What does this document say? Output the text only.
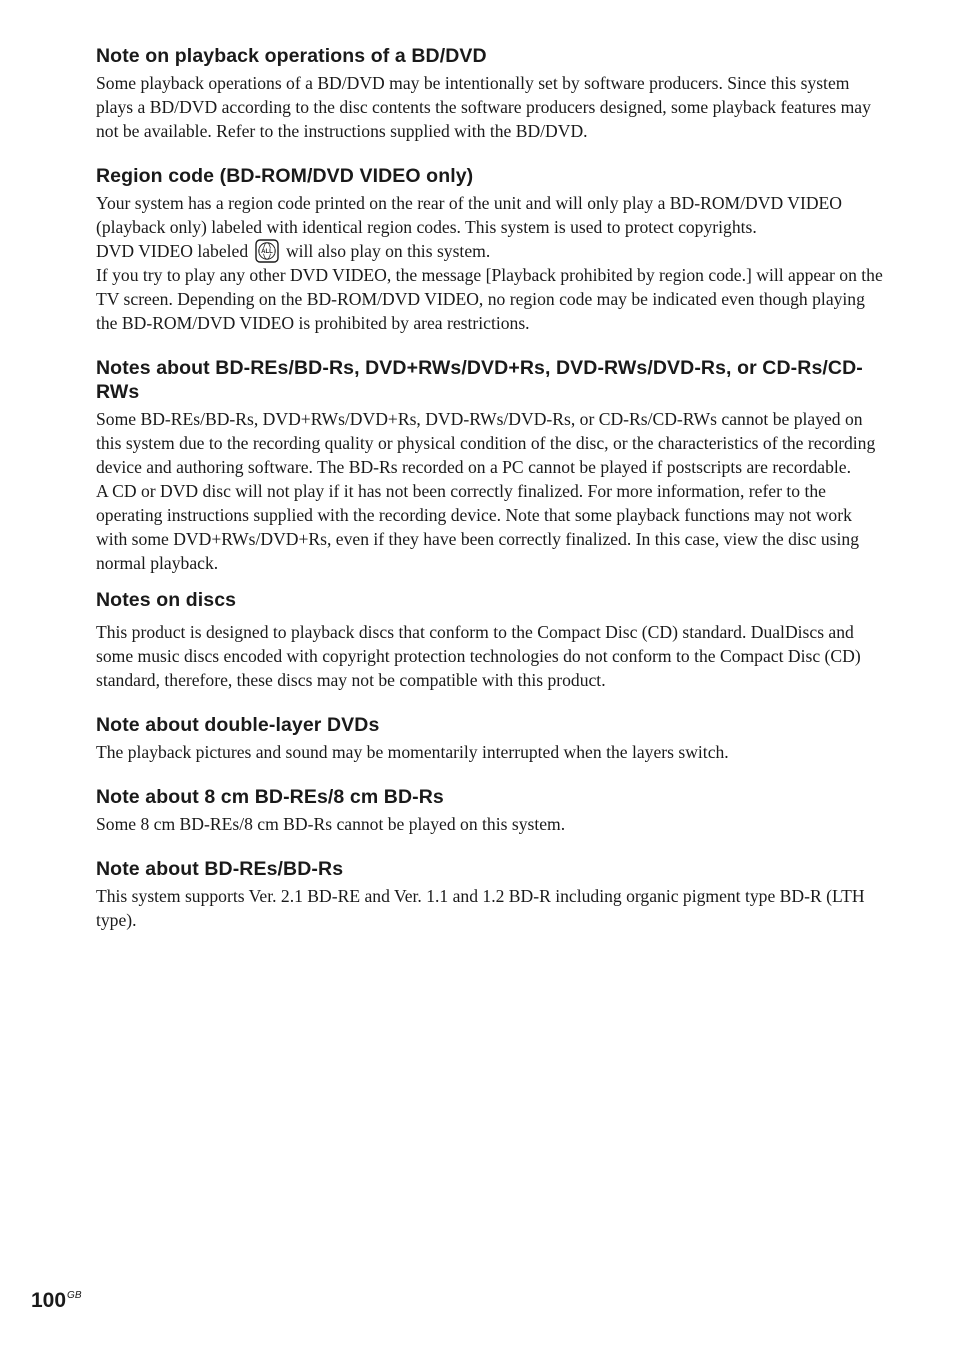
Note on playback operations of a BD/DVD

Some playback operations of a BD/DVD may be intentionally set by software producers. Since this system plays a BD/DVD according to the disc contents the software producers designed, some playback features may not be available. Refer to the instructions supplied with the BD/DVD.

Region code (BD-ROM/DVD VIDEO only)

Your system has a region code printed on the rear of the unit and will only play a BD-ROM/DVD VIDEO (playback only) labeled with identical region codes. This system is used to protect copyrights.
DVD VIDEO labeled ALL will also play on this system.
If you try to play any other DVD VIDEO, the message [Playback prohibited by region code.] will appear on the TV screen. Depending on the BD-ROM/DVD VIDEO, no region code may be indicated even though playing the BD-ROM/DVD VIDEO is prohibited by area restrictions.

Notes about BD-REs/BD-Rs, DVD+RWs/DVD+Rs, DVD-RWs/DVD-Rs, or CD-Rs/CD-RWs

Some BD-REs/BD-Rs, DVD+RWs/DVD+Rs, DVD-RWs/DVD-Rs, or CD-Rs/CD-RWs cannot be played on this system due to the recording quality or physical condition of the disc, or the characteristics of the recording device and authoring software. The BD-Rs recorded on a PC cannot be played if postscripts are recordable.
A CD or DVD disc will not play if it has not been correctly finalized. For more information, refer to the operating instructions supplied with the recording device. Note that some playback functions may not work with some DVD+RWs/DVD+Rs, even if they have been correctly finalized. In this case, view the disc using normal playback.

Notes on discs

This product is designed to playback discs that conform to the Compact Disc (CD) standard. DualDiscs and some music discs encoded with copyright protection technologies do not conform to the Compact Disc (CD) standard, therefore, these discs may not be compatible with this product.

Note about double-layer DVDs

The playback pictures and sound may be momentarily interrupted when the layers switch.

Note about 8 cm BD-REs/8 cm BD-Rs

Some 8 cm BD-REs/8 cm BD-Rs cannot be played on this system.

Note about BD-REs/BD-Rs

This system supports Ver. 2.1 BD-RE and Ver. 1.1 and 1.2 BD-R including organic pigment type BD-R (LTH type).

$100^{GB}$
